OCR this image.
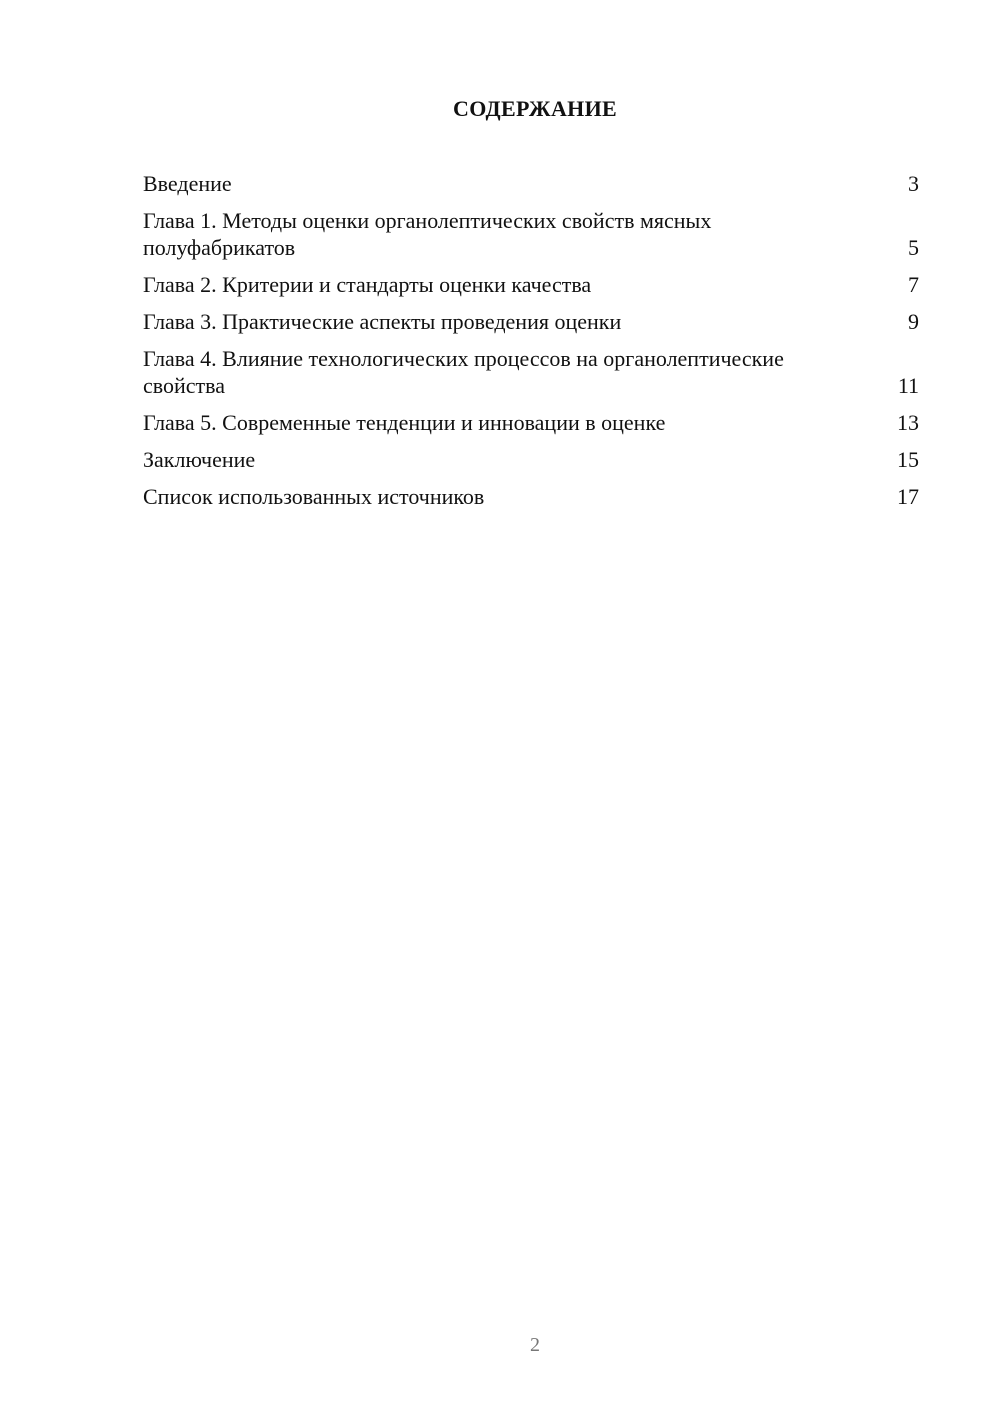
СОДЕРЖАНИЕ
Введение	3
Глава 1. Методы оценки органолептических свойств мясных полуфабрикатов	5
Глава 2. Критерии и стандарты оценки качества	7
Глава 3. Практические аспекты проведения оценки	9
Глава 4. Влияние технологических процессов на органолептические свойства	11
Глава 5. Современные тенденции и инновации в оценке	13
Заключение	15
Список использованных источников	17
2
